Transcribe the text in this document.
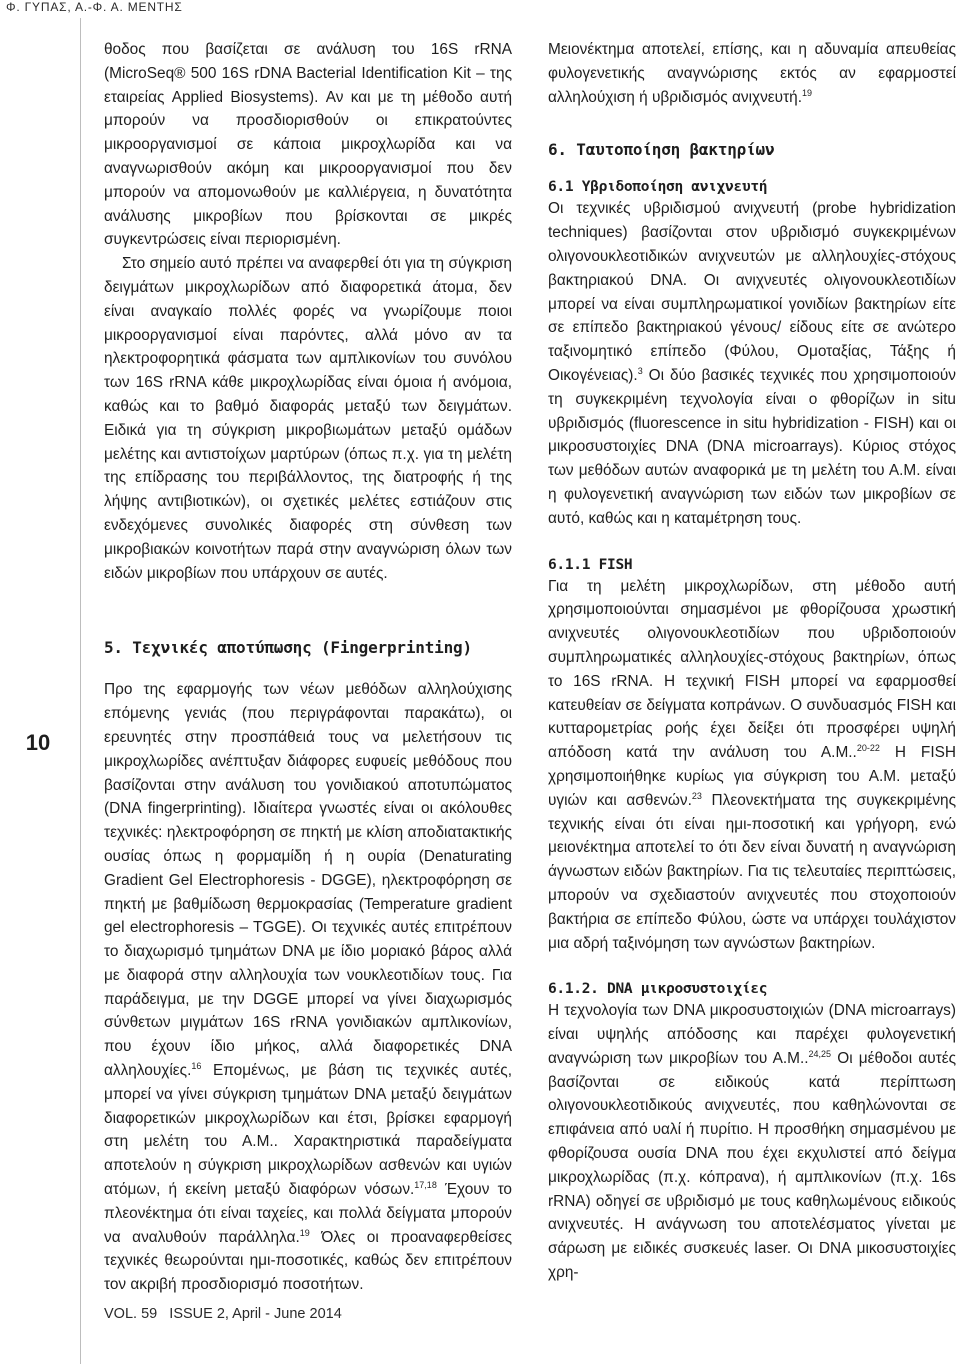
Φ. ΓΥΠΑΣ, Α.-Φ. Α. ΜΕΝΤΗΣ
10

θοδος που βασίζεται σε ανάλυση του 16S rRNA (MicroSeq® 500 16S rDNA Bacterial Identification Kit – της εταιρείας Applied Biosystems). Αν και με τη μέθοδο αυτή μπορούν να προσδιορισθούν οι επικρατούντες μικροοργανισμοί σε κάποια μικροχλωρίδα και να αναγνωρισθούν ακόμη και μικροοργανισμοί που δεν μπορούν να απομονωθούν με καλλιέργεια, η δυνατότητα ανάλυσης μικροβίων που βρίσκονται σε μικρές συγκεντρώσεις είναι περιορισμένη.

Στο σημείο αυτό πρέπει να αναφερθεί ότι για τη σύγκριση δειγμάτων μικροχλωρίδων από διαφορετικά άτομα, δεν είναι αναγκαίο πολλές φορές να γνωρίζουμε ποιοι μικροοργανισμοί είναι παρόντες, αλλά μόνο αν τα ηλεκτροφορητικά φάσματα των αμπλικονίων του συνόλου των 16S rRNA κάθε μικροχλωρίδας είναι όμοια ή ανόμοια, καθώς και το βαθμό διαφοράς μεταξύ των δειγμάτων. Ειδικά για τη σύγκριση μικροβιωμάτων μεταξύ ομάδων μελέτης και αντιστοίχων μαρτύρων (όπως π.χ. για τη μελέτη της επίδρασης του περιβάλλοντος, της διατροφής ή της λήψης αντιβιοτικών), οι σχετικές μελέτες εστιάζουν στις ενδεχόμενες συνολικές διαφορές στη σύνθεση των μικροβιακών κοινοτήτων παρά στην αναγνώριση όλων των ειδών μικροβίων που υπάρχουν σε αυτές.

5. Τεχνικές αποτύπωσης (Fingerprinting)

Προ της εφαρμογής των νέων μεθόδων αλληλούχισης επόμενης γενιάς (που περιγράφονται παρακάτω), οι ερευνητές στην προσπάθειά τους να μελετήσουν τις μικροχλωρίδες ανέπτυξαν διάφορες ευφυείς μεθόδους που βασίζονται στην ανάλυση του γονιδιακού αποτυπώματος (DNA fingerprinting). Ιδιαίτερα γνωστές είναι οι ακόλουθες τεχνικές: ηλεκτροφόρηση σε πηκτή με κλίση αποδιατακτικής ουσίας όπως η φορμαμίδη ή η ουρία (Denaturating Gradient Gel Electrophoresis - DGGE), ηλεκτροφόρηση σε πηκτή με βαθμίδωση θερμοκρασίας (Temperature gradient gel electrophoresis – TGGE). Οι τεχνικές αυτές επιτρέπουν το διαχωρισμό τμημάτων DNA με ίδιο μοριακό βάρος αλλά με διαφορά στην αλληλουχία των νουκλεοτιδίων τους. Για παράδειγμα, με την DGGE μπορεί να γίνει διαχωρισμός σύνθετων μιγμάτων 16S rRNA γονιδιακών αμπλικονίων, που έχουν ίδιο μήκος, αλλά διαφορετικές DNA αλληλουχίες.$^{16}$ Επομένως, με βάση τις τεχνικές αυτές, μπορεί να γίνει σύγκριση τμημάτων DNA μεταξύ δειγμάτων διαφορετικών μικροχλωρίδων και έτσι, βρίσκει εφαρμογή στη μελέτη του Α.Μ.. Χαρακτηριστικά παραδείγματα αποτελούν η σύγκριση μικροχλωρίδων ασθενών και υγιών ατόμων, ή εκείνη μεταξύ διαφόρων νόσων.$^{17,18}$ Έχουν το πλεονέκτημα ότι είναι ταχείες, και πολλά δείγματα μπορούν να αναλυθούν παράλληλα.$^{19}$ Όλες οι προαναφερθείσες τεχνικές θεωρούνται ημι-ποσοτικές, καθώς δεν επιτρέπουν τον ακριβή προσδιορισμό ποσοτήτων.

Μειονέκτημα αποτελεί, επίσης, και η αδυναμία απευθείας φυλογενετικής αναγνώρισης εκτός αν εφαρμοστεί αλληλούχιση ή υβριδισμός ανιχνευτή.$^{19}$

6. Ταυτοποίηση βακτηρίων
6.1 Υβριδοποίηση ανιχνευτή

Οι τεχνικές υβριδισμού ανιχνευτή (probe hybridization techniques) βασίζονται στον υβριδισμό συγκεκριμένων ολιγονουκλεοτιδικών ανιχνευτών με αλληλουχίες-στόχους βακτηριακού DNA. Οι ανιχνευτές ολιγονουκλεοτιδίων μπορεί να είναι συμπληρωματικοί γονιδίων βακτηρίων είτε σε επίπεδο βακτηριακού γένους/ είδους είτε σε ανώτερο ταξινομητικό επίπεδο (Φύλου, Ομοταξίας, Τάξης ή Οικογένειας).$^3$ Οι δύο βασικές τεχνικές που χρησιμοποιούν τη συγκεκριμένη τεχνολογία είναι ο φθορίζων in situ υβριδισμός (fluorescence in situ hybridization - FISH) και οι μικροσυστοιχίες DNA (DNA microarrays). Κύριος στόχος των μεθόδων αυτών αναφορικά με τη μελέτη του Α.Μ. είναι η φυλογενετική αναγνώριση των ειδών των μικροβίων σε αυτό, καθώς και η καταμέτρηση τους.

6.1.1 FISH

Για τη μελέτη μικροχλωρίδων, στη μέθοδο αυτή χρησιμοποιούνται σημασμένοι με φθορίζουσα χρωστική ανιχνευτές ολιγονουκλεοτιδίων που υβριδοποιούν συμπληρωματικές αλληλουχίες-στόχους βακτηρίων, όπως το 16S rRNA. Η τεχνική FISH μπορεί να εφαρμοσθεί κατευθείαν σε δείγματα κοπράνων. Ο συνδυασμός FISH και κυτταρομετρίας ροής έχει δείξει ότι προσφέρει υψηλή απόδοση κατά την ανάλυση του Α.Μ..$^{20-22}$ Η FISH χρησιμοποιήθηκε κυρίως για σύγκριση του Α.Μ. μεταξύ υγιών και ασθενών.$^{23}$ Πλεονεκτήματα της συγκεκριμένης τεχνικής είναι ότι είναι ημι-ποσοτική και γρήγορη, ενώ μειονέκτημα αποτελεί το ότι δεν είναι δυνατή η αναγνώριση άγνωστων ειδών βακτηρίων. Για τις τελευταίες περιπτώσεις, μπορούν να σχεδιαστούν ανιχνευτές που στοχοποιούν βακτήρια σε επίπεδο Φύλου, ώστε να υπάρχει τουλάχιστον μια αδρή ταξινόμηση των αγνώστων βακτηρίων.

6.1.2. DNA μικροσυστοιχίες

Η τεχνολογία των DNA μικροσυστοιχιών (DNA microarrays) είναι υψηλής απόδοσης και παρέχει φυλογενετική αναγνώριση των μικροβίων του Α.Μ..$^{24,25}$ Οι μέθοδοι αυτές βασίζονται σε ειδικούς κατά περίπτωση ολιγονουκλεοτιδικούς ανιχνευτές, που καθηλώνονται σε επιφάνεια από υαλί ή πυρίτιο. Η προσθήκη σημασμένου με φθορίζουσα ουσία DNA που έχει εκχυλιστεί από δείγμα μικροχλωρίδας (π.χ. κόπρανα), ή αμπλικονίων (π.χ. 16s rRNA) οδηγεί σε υβριδισμό με τους καθηλωμένους ειδικούς ανιχνευτές. Η ανάγνωση του αποτελέσματος γίνεται με σάρωση με ειδικές συσκευές laser. Οι DNA μικοσυστοιχίες χρη-

VOL. 59   ISSUE 2, April - June 2014
